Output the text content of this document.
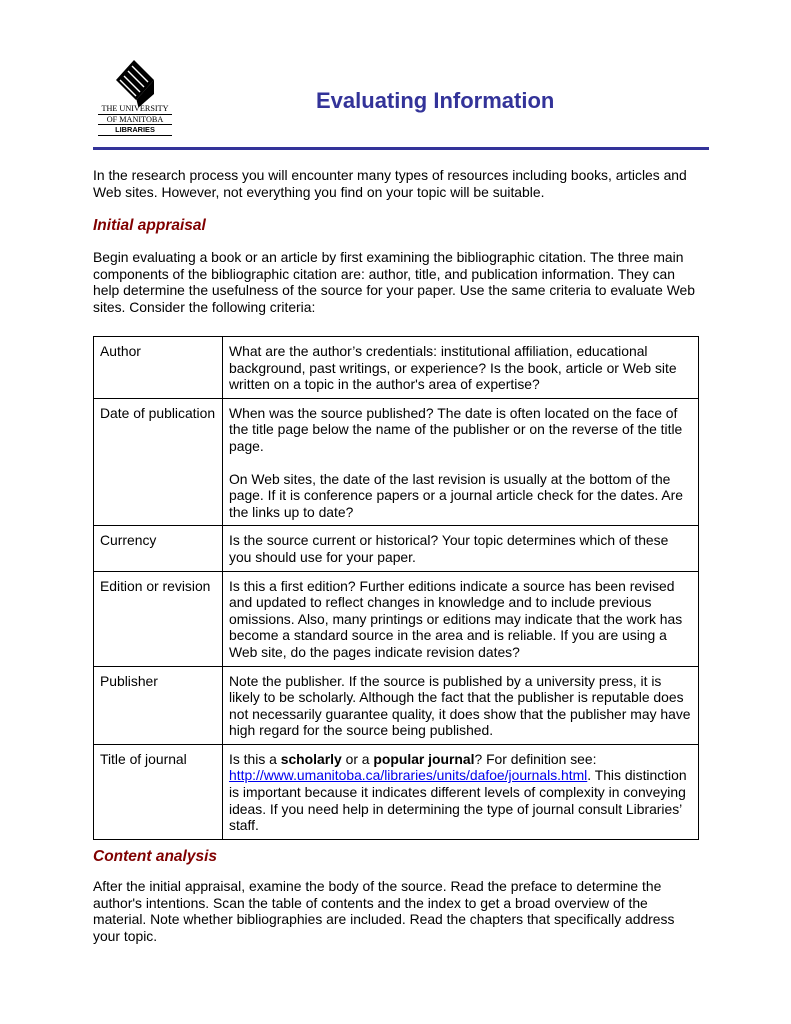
THE UNIVERSITY
OF MANITOBA
LIBRARIES
Evaluating Information

In the research process you will encounter many types of resources including books, articles and Web sites. However, not everything you find on your topic will be suitable.

Initial appraisal

Begin evaluating a book or an article by first examining the bibliographic citation. The three main components of the bibliographic citation are: author, title, and publication information. They can help determine the usefulness of the source for your paper. Use the same criteria to evaluate Web sites. Consider the following criteria:

Author	What are the author’s credentials: institutional affiliation, educational background, past writings, or experience? Is the book, article or Web site written on a topic in the author's area of expertise?

Date of publication	When was the source published? The date is often located on the face of the title page below the name of the publisher or on the reverse of the title page.

On Web sites, the date of the last revision is usually at the bottom of the page. If it is conference papers or a journal article check for the dates. Are the links up to date?

Currency	Is the source current or historical? Your topic determines which of these you should use for your paper.

Edition or revision	Is this a first edition? Further editions indicate a source has been revised and updated to reflect changes in knowledge and to include previous omissions. Also, many printings or editions may indicate that the work has become a standard source in the area and is reliable. If you are using a Web site, do the pages indicate revision dates?

Publisher	Note the publisher. If the source is published by a university press, it is likely to be scholarly. Although the fact that the publisher is reputable does not necessarily guarantee quality, it does show that the publisher may have high regard for the source being published.

Title of journal	Is this a scholarly or a popular journal? For definition see: http://www.umanitoba.ca/libraries/units/dafoe/journals.html. This distinction is important because it indicates different levels of complexity in conveying ideas. If you need help in determining the type of journal consult Libraries’ staff.

Content analysis

After the initial appraisal, examine the body of the source. Read the preface to determine the author's intentions. Scan the table of contents and the index to get a broad overview of the material. Note whether bibliographies are included. Read the chapters that specifically address your topic.
